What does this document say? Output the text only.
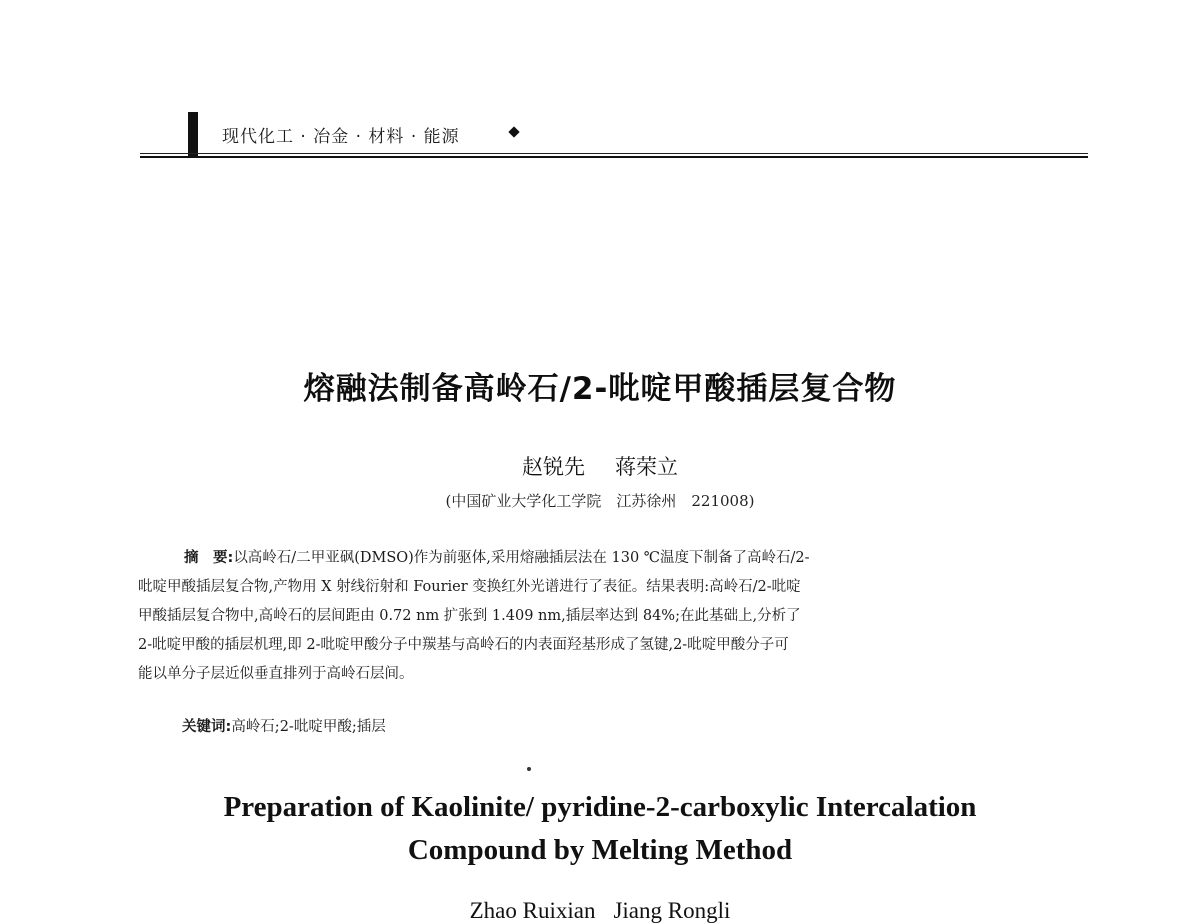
现代化工 · 冶金 · 材料 · 能源
熔融法制备高岭石/2-吡啶甲酸插层复合物
赵锐先 蒋荣立
(中国矿业大学化工学院　江苏徐州　221008)
摘　要:以高岭石/二甲亚砜(DMSO)作为前驱体,采用熔融插层法在 130 ℃温度下制备了高岭石/2-
吡啶甲酸插层复合物,产物用 X 射线衍射和 Fourier 变换红外光谱进行了表征。结果表明:高岭石/2-吡啶
甲酸插层复合物中,高岭石的层间距由 0.72 nm 扩张到 1.409 nm,插层率达到 84%;在此基础上,分析了
2-吡啶甲酸的插层机理,即 2-吡啶甲酸分子中羰基与高岭石的内表面羟基形成了氢键,2-吡啶甲酸分子可
能以单分子层近似垂直排列于高岭石层间。
关键词:高岭石;2-吡啶甲酸;插层
Preparation of Kaolinite/ pyridine-2-carboxylic Intercalation
Compound by Melting Method
Zhao Ruixian Jiang Rongli
